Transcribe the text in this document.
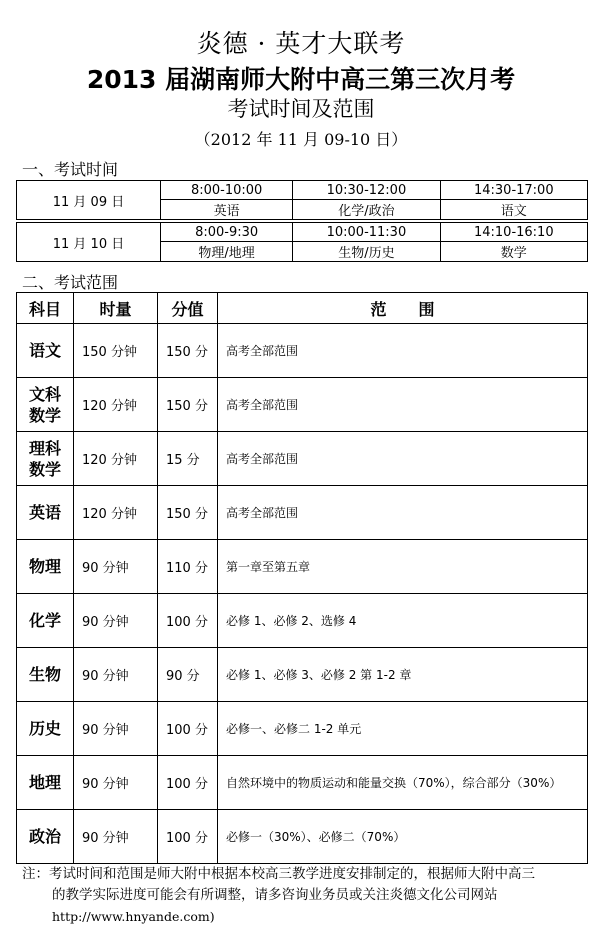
炎德 · 英才大联考
2013 届湖南师大附中高三第三次月考
考试时间及范围
（2012 年 11 月 09-10 日）
一、考试时间
11 月 09 日	8:00-10:00	10:30-12:00	14:30-17:00
	英语	化学/政治	语文

11 月 10 日	8:00-9:30	10:00-11:30	14:10-16:10
	物理/地理	生物/历史	数学
二、考试范围
科目	时量	分值	范　　围
语文	150 分钟	150 分	高考全部范围
文科数学	120 分钟	150 分	高考全部范围
理科数学	120 分钟	15 分	高考全部范围
英语	120 分钟	150 分	高考全部范围
物理	90 分钟	110 分	第一章至第五章
化学	90 分钟	100 分	必修 1、必修 2、选修 4
生物	90 分钟	90 分	必修 1、必修 3、必修 2 第 1-2 章
历史	90 分钟	100 分	必修一、必修二 1-2 单元
地理	90 分钟	100 分	自然环境中的物质运动和能量交换（70%），综合部分（30%）
政治	90 分钟	100 分	必修一（30%）、必修二（70%）
注：考试时间和范围是师大附中根据本校高三教学进度安排制定的，根据师大附中高三
的教学实际进度可能会有所调整，请多咨询业务员或关注炎德文化公司网站
http://www.hnyande.com)
